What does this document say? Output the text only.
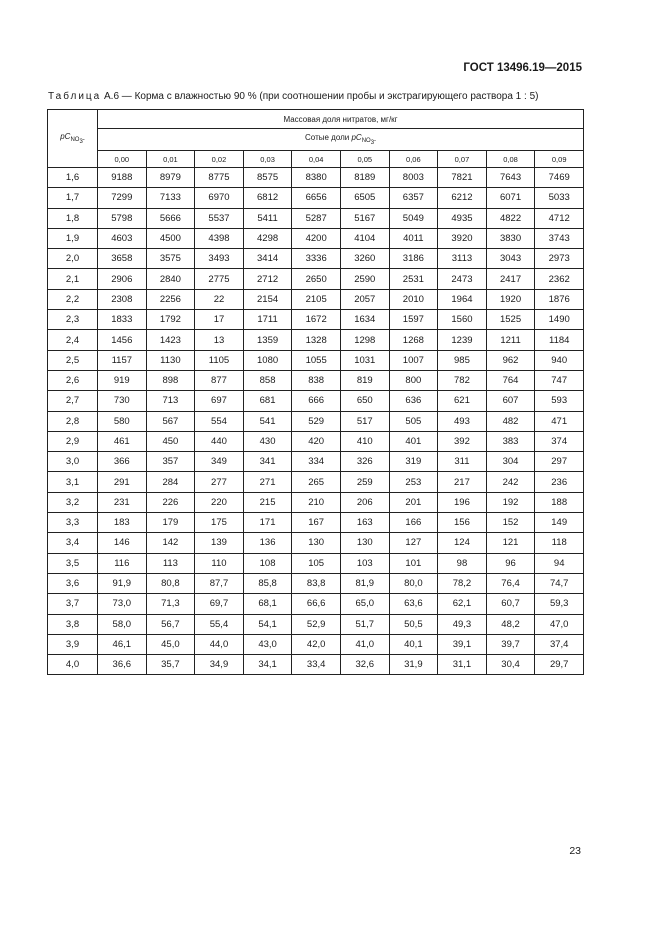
ГОСТ 13496.19—2015
Таблица А.6 — Корма с влажностью 90 % (при соотношении пробы и экстрагирующего раствора 1 : 5)
$pC_{NO_3-}$	Массовая доля нитратов, мг/кг									
	Сотые доли $pC_{NO_3-}$
	0,00	0,01	0,02	0,03	0,04	0,05	0,06	0,07	0,08	0,09
1,6	9188	8979	8775	8575	8380	8189	8003	7821	7643	7469
1,7	7299	7133	6970	6812	6656	6505	6357	6212	6071	5033
1,8	5798	5666	5537	5411	5287	5167	5049	4935	4822	4712
1,9	4603	4500	4398	4298	4200	4104	4011	3920	3830	3743
2,0	3658	3575	3493	3414	3336	3260	3186	3113	3043	2973
2,1	2906	2840	2775	2712	2650	2590	2531	2473	2417	2362
2,2	2308	2256	22	2154	2105	2057	2010	1964	1920	1876
2,3	1833	1792	17	1711	1672	1634	1597	1560	1525	1490
2,4	1456	1423	13	1359	1328	1298	1268	1239	1211	1184
2,5	1157	1130	1105	1080	1055	1031	1007	985	962	940
2,6	919	898	877	858	838	819	800	782	764	747
2,7	730	713	697	681	666	650	636	621	607	593
2,8	580	567	554	541	529	517	505	493	482	471
2,9	461	450	440	430	420	410	401	392	383	374
3,0	366	357	349	341	334	326	319	311	304	297
3,1	291	284	277	271	265	259	253	217	242	236
3,2	231	226	220	215	210	206	201	196	192	188
3,3	183	179	175	171	167	163	166	156	152	149
3,4	146	142	139	136	130	130	127	124	121	118
3,5	116	113	110	108	105	103	101	98	96	94
3,6	91,9	80,8	87,7	85,8	83,8	81,9	80,0	78,2	76,4	74,7
3,7	73,0	71,3	69,7	68,1	66,6	65,0	63,6	62,1	60,7	59,3
3,8	58,0	56,7	55,4	54,1	52,9	51,7	50,5	49,3	48,2	47,0
3,9	46,1	45,0	44,0	43,0	42,0	41,0	40,1	39,1	39,7	37,4
4,0	36,6	35,7	34,9	34,1	33,4	32,6	31,9	31,1	30,4	29,7
23
